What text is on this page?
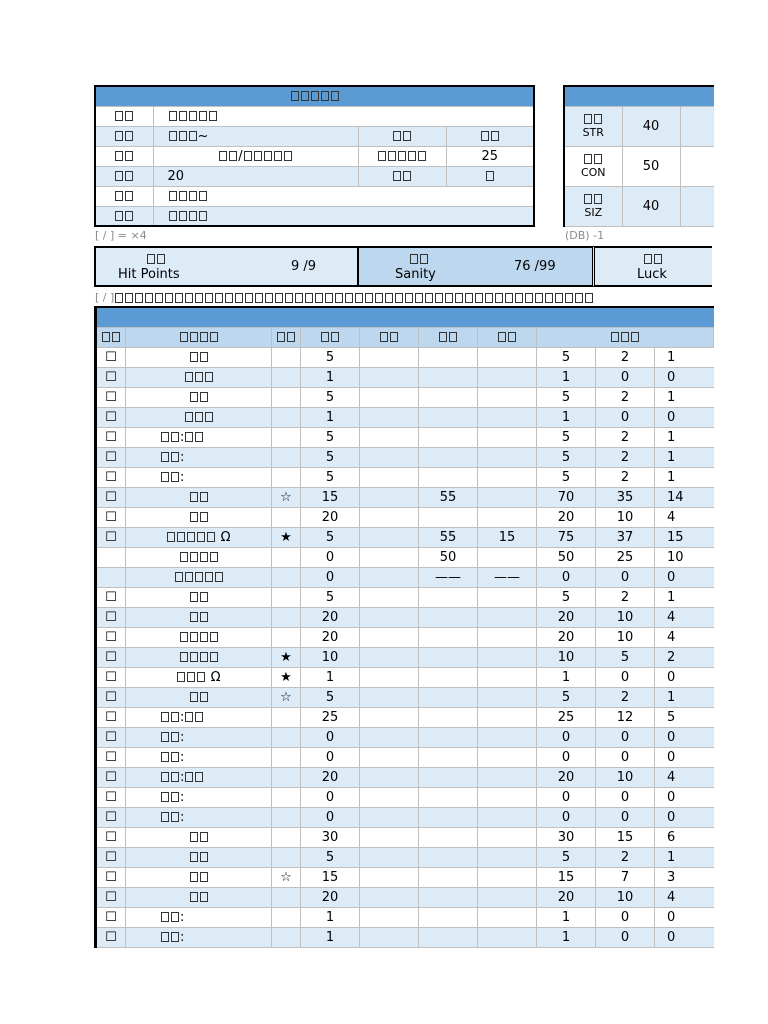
	~		
	/		25
	20		

STR	40	

CON	50	

SIZ	40	
[ / ] = ×4	(DB) -1
Hit Points
9 /9
Sanity
76 /99
Luck
[ / ]

☐			5				5	2	1
☐			1				1	0	0
☐			5				5	2	1
☐			1				1	0	0
☐	:		5				5	2	1
☐	:		5				5	2	1
☐	:		5				5	2	1
☐		☆	15		55		70	35	14
☐			20				20	10	4
☐	Ω	★	5		55	15	75	37	15
			0		50		50	25	10
			0		——	——	0	0	0
☐			5				5	2	1
☐			20				20	10	4
☐			20				20	10	4
☐		★	10				10	5	2
☐	Ω	★	1				1	0	0
☐		☆	5				5	2	1
☐	:		25				25	12	5
☐	:		0				0	0	0
☐	:		0				0	0	0
☐	:		20				20	10	4
☐	:		0				0	0	0
☐	:		0				0	0	0
☐			30				30	15	6
☐			5				5	2	1
☐		☆	15				15	7	3
☐			20				20	10	4
☐	:		1				1	0	0
☐	:		1				1	0	0
